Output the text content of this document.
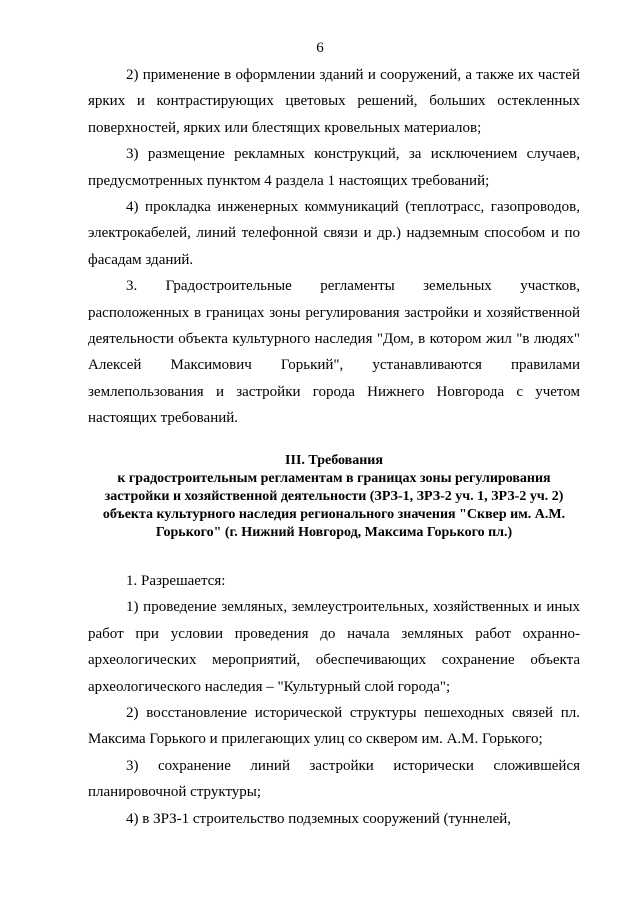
6

2) применение в оформлении зданий и сооружений, а также их частей ярких и контрастирующих цветовых решений, больших остекленных поверхностей, ярких или блестящих кровельных материалов;

3) размещение рекламных конструкций, за исключением случаев, предусмотренных пунктом 4 раздела 1 настоящих требований;

4) прокладка инженерных коммуникаций (теплотрасс, газопроводов, электрокабелей, линий телефонной связи и др.) надземным способом и по фасадам зданий.

3. Градостроительные регламенты земельных участков, расположенных в границах зоны регулирования застройки и хозяйственной деятельности объекта культурного наследия "Дом, в котором жил "в людях" Алексей Максимович Горький", устанавливаются правилами землепользования и застройки города Нижнего Новгорода с учетом настоящих требований.

III. Требования
к градостроительным регламентам в границах зоны регулирования застройки и хозяйственной деятельности (ЗРЗ-1, ЗРЗ-2 уч. 1, ЗРЗ-2 уч. 2) объекта культурного наследия регионального значения "Сквер им. А.М. Горького" (г. Нижний Новгород, Максима Горького пл.)

1. Разрешается:

1) проведение земляных, землеустроительных, хозяйственных и иных работ при условии проведения до начала земляных работ охранно-археологических мероприятий, обеспечивающих сохранение объекта археологического наследия – "Культурный слой города";

2) восстановление исторической структуры пешеходных связей пл. Максима Горького и прилегающих улиц со сквером им. А.М. Горького;

3) сохранение линий застройки исторически сложившейся планировочной структуры;

4) в ЗРЗ-1 строительство подземных сооружений (туннелей,
